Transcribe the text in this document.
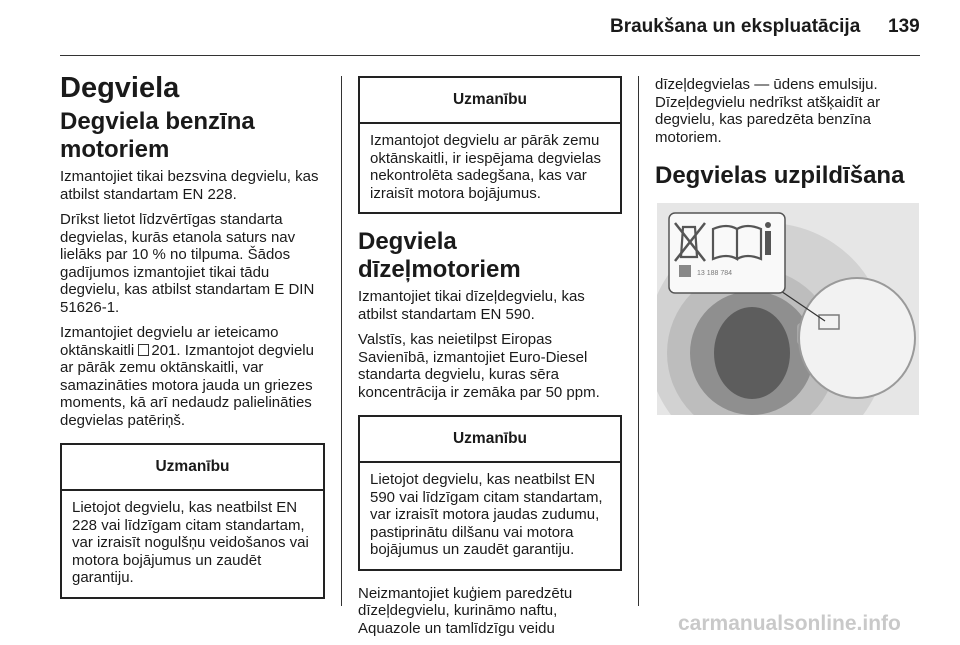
Braukšana un ekspluatācija 139
Degviela
Degviela benzīna motoriem

Izmantojiet tikai bezsvina degvielu, kas atbilst standartam EN 228.

Drīkst lietot līdzvērtīgas standarta degvielas, kurās etanola saturs nav lielāks par 10 % no tilpuma. Šādos gadījumos izmantojiet tikai tādu degvielu, kas atbilst standartam E DIN 51626-1.

Izmantojiet degvielu ar ieteicamo oktānskaitli 201. Izmantojot degvielu ar pārāk zemu oktānskaitli, var samazināties motora jauda un griezes moments, kā arī nedaudz palielināties degvielas patēriņš.

Uzmanību
Lietojot degvielu, kas neatbilst EN 228 vai līdzīgam citam standartam, var izraisīt nogulšņu veidošanos vai motora bojājumus un zaudēt garantiju.
Uzmanību
Izmantojot degvielu ar pārāk zemu oktānskaitli, ir iespējama degvielas nekontrolēta sadegšana, kas var izraisīt motora bojājumus.
Degviela dīzeļmotoriem

Izmantojiet tikai dīzeļdegvielu, kas atbilst standartam EN 590.

Valstīs, kas neietilpst Eiropas Savienībā, izmantojiet Euro-Diesel standarta degvielu, kuras sēra koncentrācija ir zemāka par 50 ppm.

Uzmanību
Lietojot degvielu, kas neatbilst EN 590 vai līdzīgam citam standartam, var izraisīt motora jaudas zudumu, pastiprinātu dilšanu vai motora bojājumus un zaudēt garantiju.

Neizmantojiet kuģiem paredzētu dīzeļdegvielu, kurināmo naftu, Aquazole un tamlīdzīgu veidu

dīzeļdegvielas — ūdens emulsiju. Dīzeļdegvielu nedrīkst atšķaidīt ar degvielu, kas paredzēta benzīna motoriem.

Degvielas uzpildīšana
13 188 784
carmanualsonline.info
